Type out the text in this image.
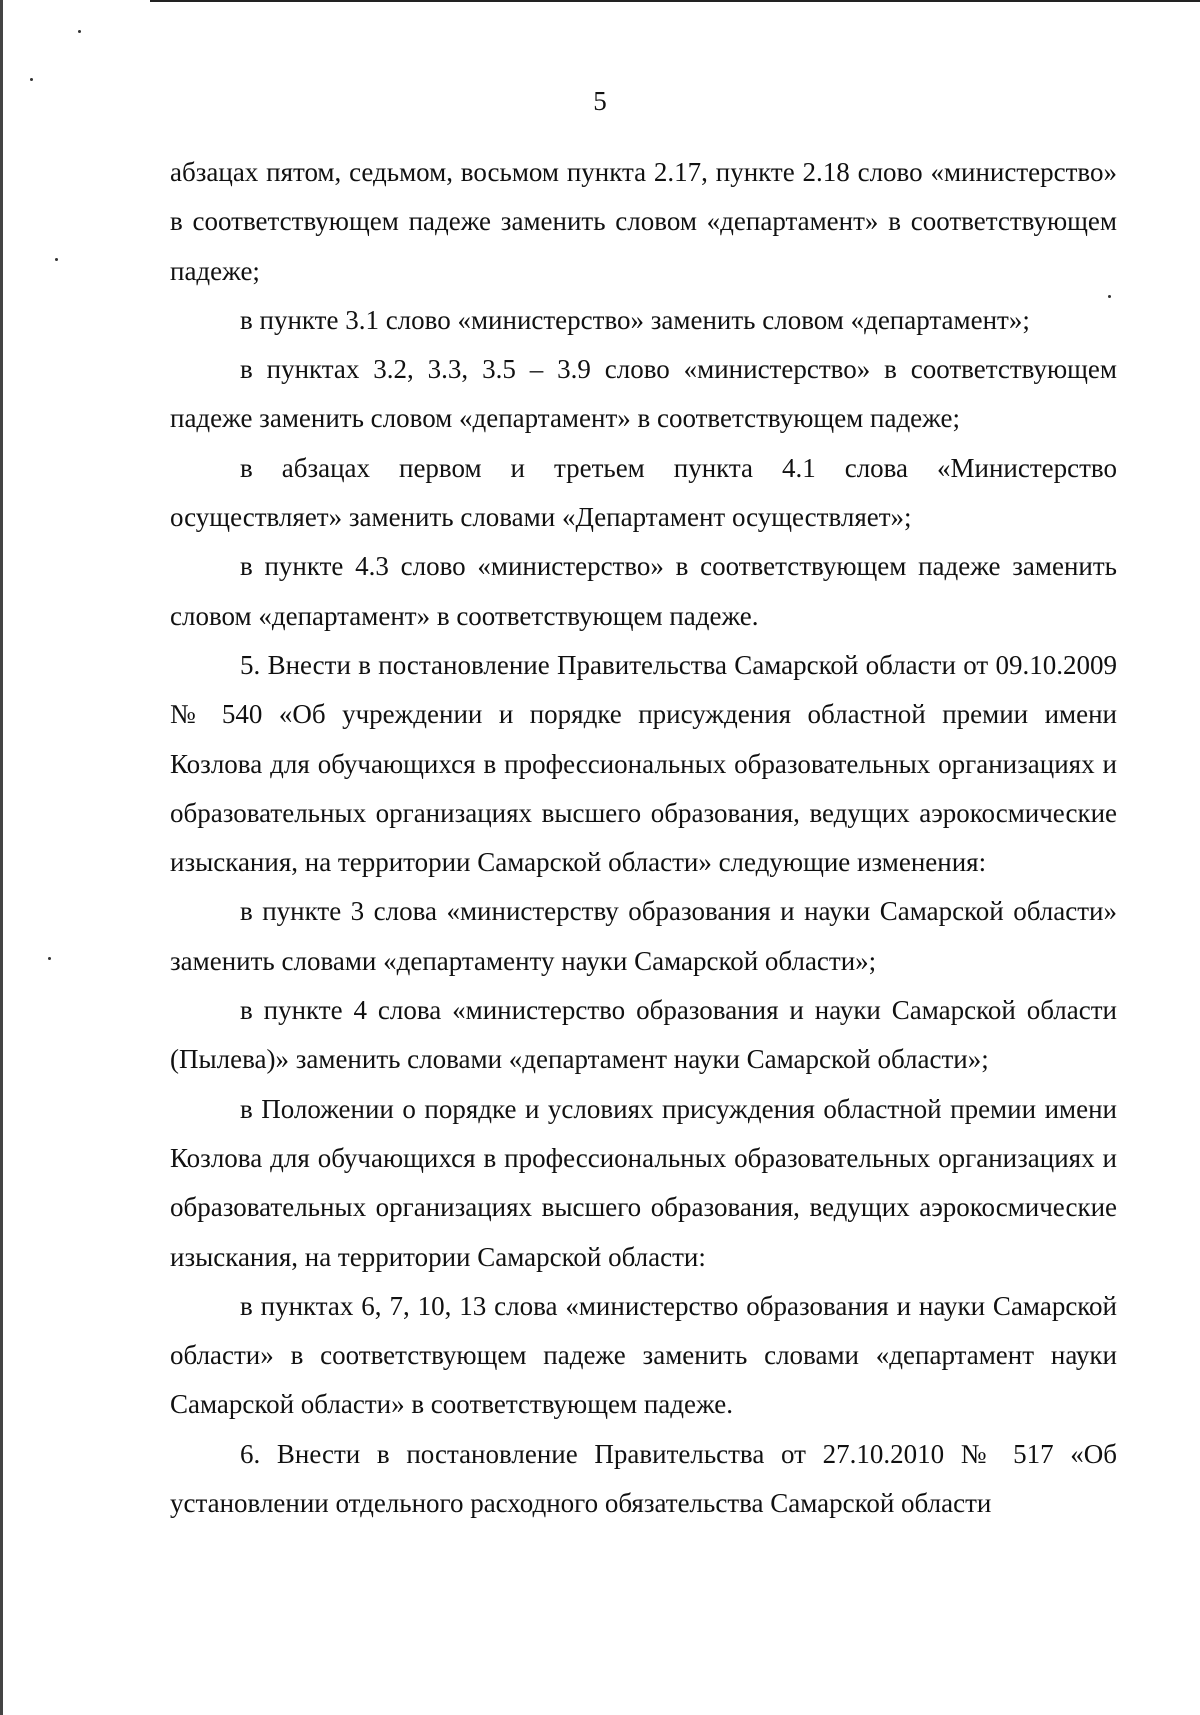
5

абзацах пятом, седьмом, восьмом пункта 2.17, пункте 2.18 слово «министерство» в соответствующем падеже заменить словом «департамент» в соответствующем падеже;

в пункте 3.1 слово «министерство» заменить словом «департамент»;

в пунктах 3.2, 3.3, 3.5 – 3.9 слово «министерство» в соответствующем падеже заменить словом «департамент» в соответствующем падеже;

в абзацах первом и третьем пункта 4.1 слова «Министерство осуществляет» заменить словами «Департамент осуществляет»;

в пункте 4.3 слово «министерство» в соответствующем падеже заменить словом «департамент» в соответствующем падеже.

5. Внести в постановление Правительства Самарской области от 09.10.2009 № 540 «Об учреждении и порядке присуждения областной премии имени Козлова для обучающихся в профессиональных образовательных организациях и образовательных организациях высшего образования, ведущих аэрокосмические изыскания, на территории Самарской области» следующие изменения:

в пункте 3 слова «министерству образования и науки Самарской области» заменить словами «департаменту науки Самарской области»;

в пункте 4 слова «министерство образования и науки Самарской области (Пылева)» заменить словами «департамент науки Самарской области»;

в Положении о порядке и условиях присуждения областной премии имени Козлова для обучающихся в профессиональных образовательных организациях и образовательных организациях высшего образования, ведущих аэрокосмические изыскания, на территории Самарской области:

в пунктах 6, 7, 10, 13 слова «министерство образования и науки Самарской области» в соответствующем падеже заменить словами «департамент науки Самарской области» в соответствующем падеже.

6. Внести в постановление Правительства от 27.10.2010 № 517 «Об установлении отдельного расходного обязательства Самарской области
